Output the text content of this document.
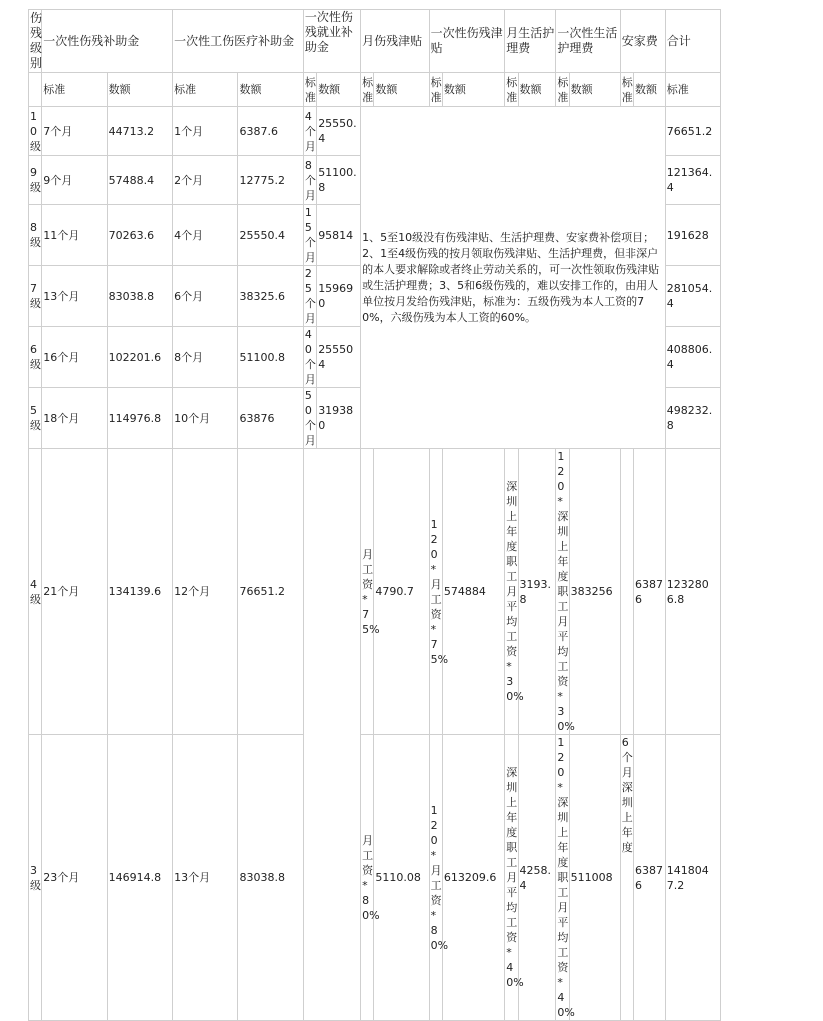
伤残级别	一次性伤残补助金		一次性工伤医疗补助金		一次性伤残就业补助金		月伤残津贴		一次性伤残津贴		月生活护理费		一次性生活护理费		安家费		合计
	标准	数额	标准	数额	标准	数额	标准	数额	标准	数额	标准	数额	标准	数额	标准	数额	标准
10级	7个月	44713.2	1个月	6387.6	4个月	25550.4	1、5至10级没有伤残津贴、生活护理费、安家费补偿项目；2、1至4级伤残的按月领取伤残津贴、生活护理费，但非深户的本人要求解除或者终止劳动关系的，可一次性领取伤残津贴或生活护理费；3、5和6级伤残的，难以安排工作的，由用人单位按月发给伤残津贴，标准为：五级伤残为本人工资的70%，六级伤残为本人工资的60%。										76651.2
9级	9个月	57488.4	2个月	12775.2	8个月	51100.8											121364.4
8级	11个月	70263.6	4个月	25550.4	15个月	95814											191628
7级	13个月	83038.8	6个月	38325.6	25个月	159690											281054.4
6级	16个月	102201.6	8个月	51100.8	40个月	255504											408806.4
5级	18个月	114976.8	10个月	63876	50个月	319380											498232.8
4级	21个月	134139.6	12个月	76651.2			月工资*75%	4790.7	120*月工资*75%	574884	深圳上年度职工月平均工资*30%	3193.8	120*深圳上年度职工月平均工资*30%	383256		63876	1232806.8
3级	23个月	146914.8	13个月	83038.8			月工资*80%	5110.08	120*月工资*80%	613209.6	深圳上年度职工月平均工资*40%	4258.4	120*深圳上年度职工月平均工资*40%	511008	6个月深圳上年度	63876	1418047.2
